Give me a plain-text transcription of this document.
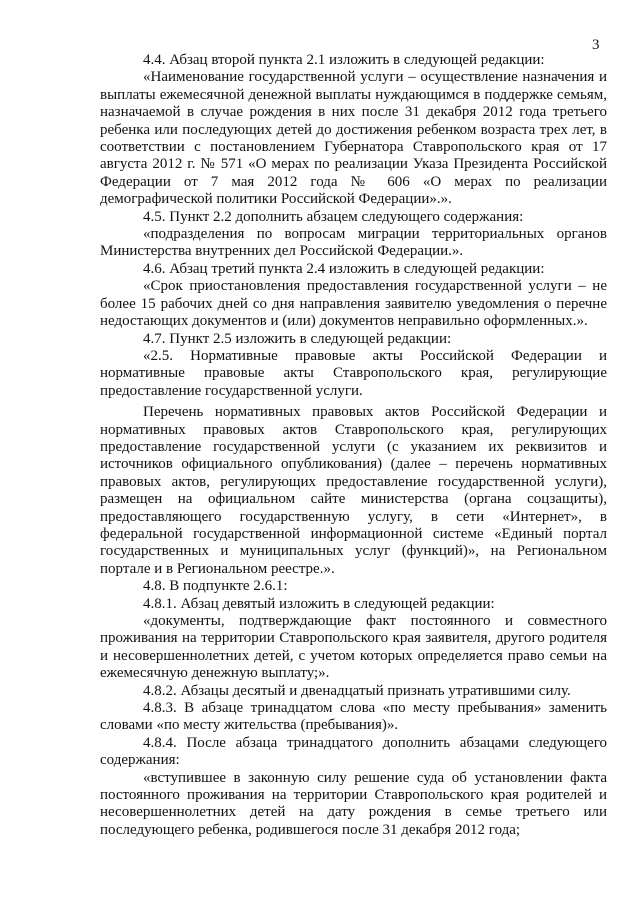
3

4.4. Абзац второй пункта 2.1 изложить в следующей редакции:

«Наименование государственной услуги – осуществление назначения и выплаты ежемесячной денежной выплаты нуждающимся в поддержке семьям, назначаемой в случае рождения в них после 31 декабря 2012 года третьего ребенка или последующих детей до достижения ребенком возраста трех лет, в соответствии с постановлением Губернатора Ставропольского края от 17 августа 2012 г. № 571 «О мерах по реализации Указа Президента Российской Федерации от 7 мая 2012 года № 606 «О мерах по реализации демографической политики Российской Федерации».».

4.5. Пункт 2.2 дополнить абзацем следующего содержания:

«подразделения по вопросам миграции территориальных органов Министерства внутренних дел Российской Федерации.».

4.6. Абзац третий пункта 2.4 изложить в следующей редакции:

«Срок приостановления предоставления государственной услуги – не более 15 рабочих дней со дня направления заявителю уведомления о перечне недостающих документов и (или) документов неправильно оформленных.».

4.7. Пункт 2.5 изложить в следующей редакции:

«2.5. Нормативные правовые акты Российской Федерации и нормативные правовые акты Ставропольского края, регулирующие предоставление государственной услуги.

Перечень нормативных правовых актов Российской Федерации и нормативных правовых актов Ставропольского края, регулирующих предоставление государственной услуги (с указанием их реквизитов и источников официального опубликования) (далее – перечень нормативных правовых актов, регулирующих предоставление государственной услуги), размещен на официальном сайте министерства (органа соцзащиты), предоставляющего государственную услугу, в сети «Интернет», в федеральной государственной информационной системе «Единый портал государственных и муниципальных услуг (функций)», на Региональном портале и в Региональном реестре.».

4.8. В подпункте 2.6.1:

4.8.1. Абзац девятый изложить в следующей редакции:

«документы, подтверждающие факт постоянного и совместного проживания на территории Ставропольского края заявителя, другого родителя и несовершеннолетних детей, с учетом которых определяется право семьи на ежемесячную денежную выплату;».

4.8.2. Абзацы десятый и двенадцатый признать утратившими силу.

4.8.3. В абзаце тринадцатом слова «по месту пребывания» заменить словами «по месту жительства (пребывания)».

4.8.4. После абзаца тринадцатого дополнить абзацами следующего содержания:

«вступившее в законную силу решение суда об установлении факта постоянного проживания на территории Ставропольского края родителей и несовершеннолетних детей на дату рождения в семье третьего или последующего ребенка, родившегося после 31 декабря 2012 года;
